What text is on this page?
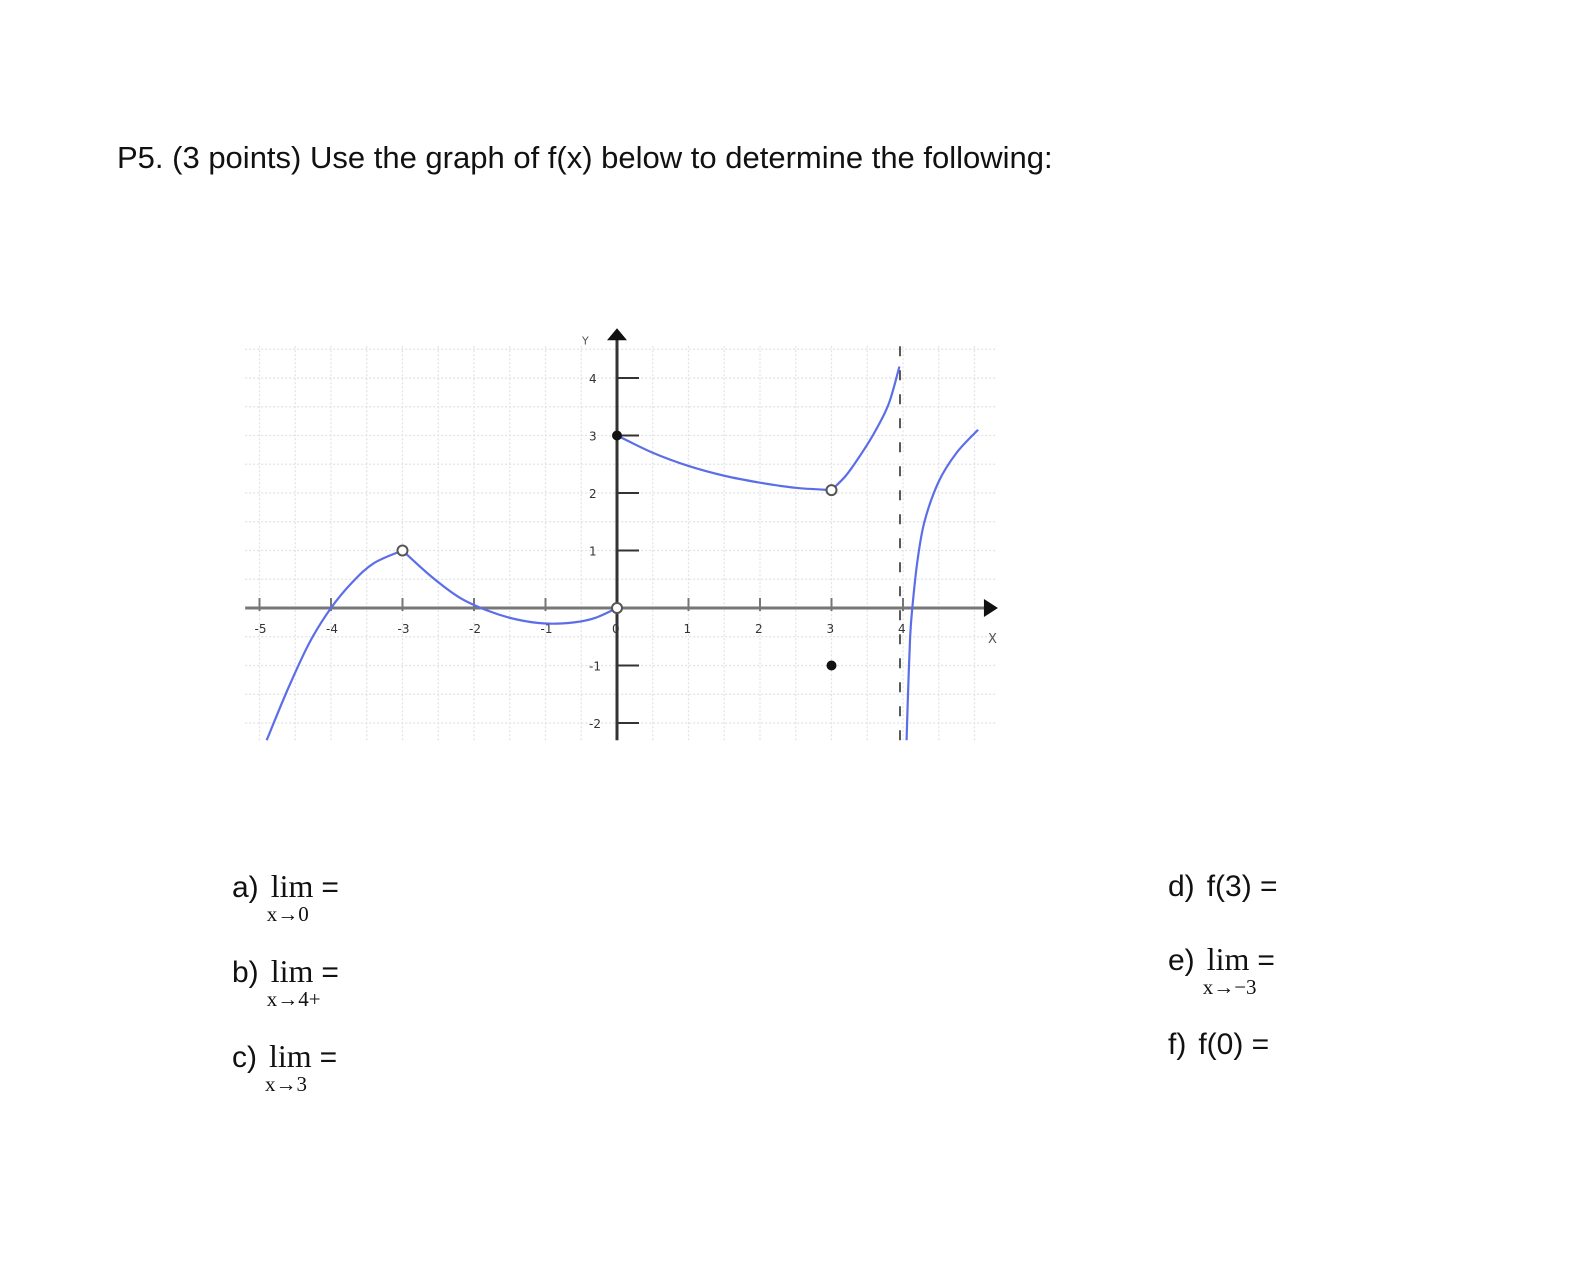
P5. (3 points) Use the graph of f(x) below to determine the following:
X
Y
-5	-4	-3	-2	-1	0	1	2	3	4
4
3
2
1
-1
-2
a) lim
x→0
=
b) lim
x→4+
=
c) lim
x→3
=
d) f(3) =
e) lim
x→−3
=
f) f(0) =
